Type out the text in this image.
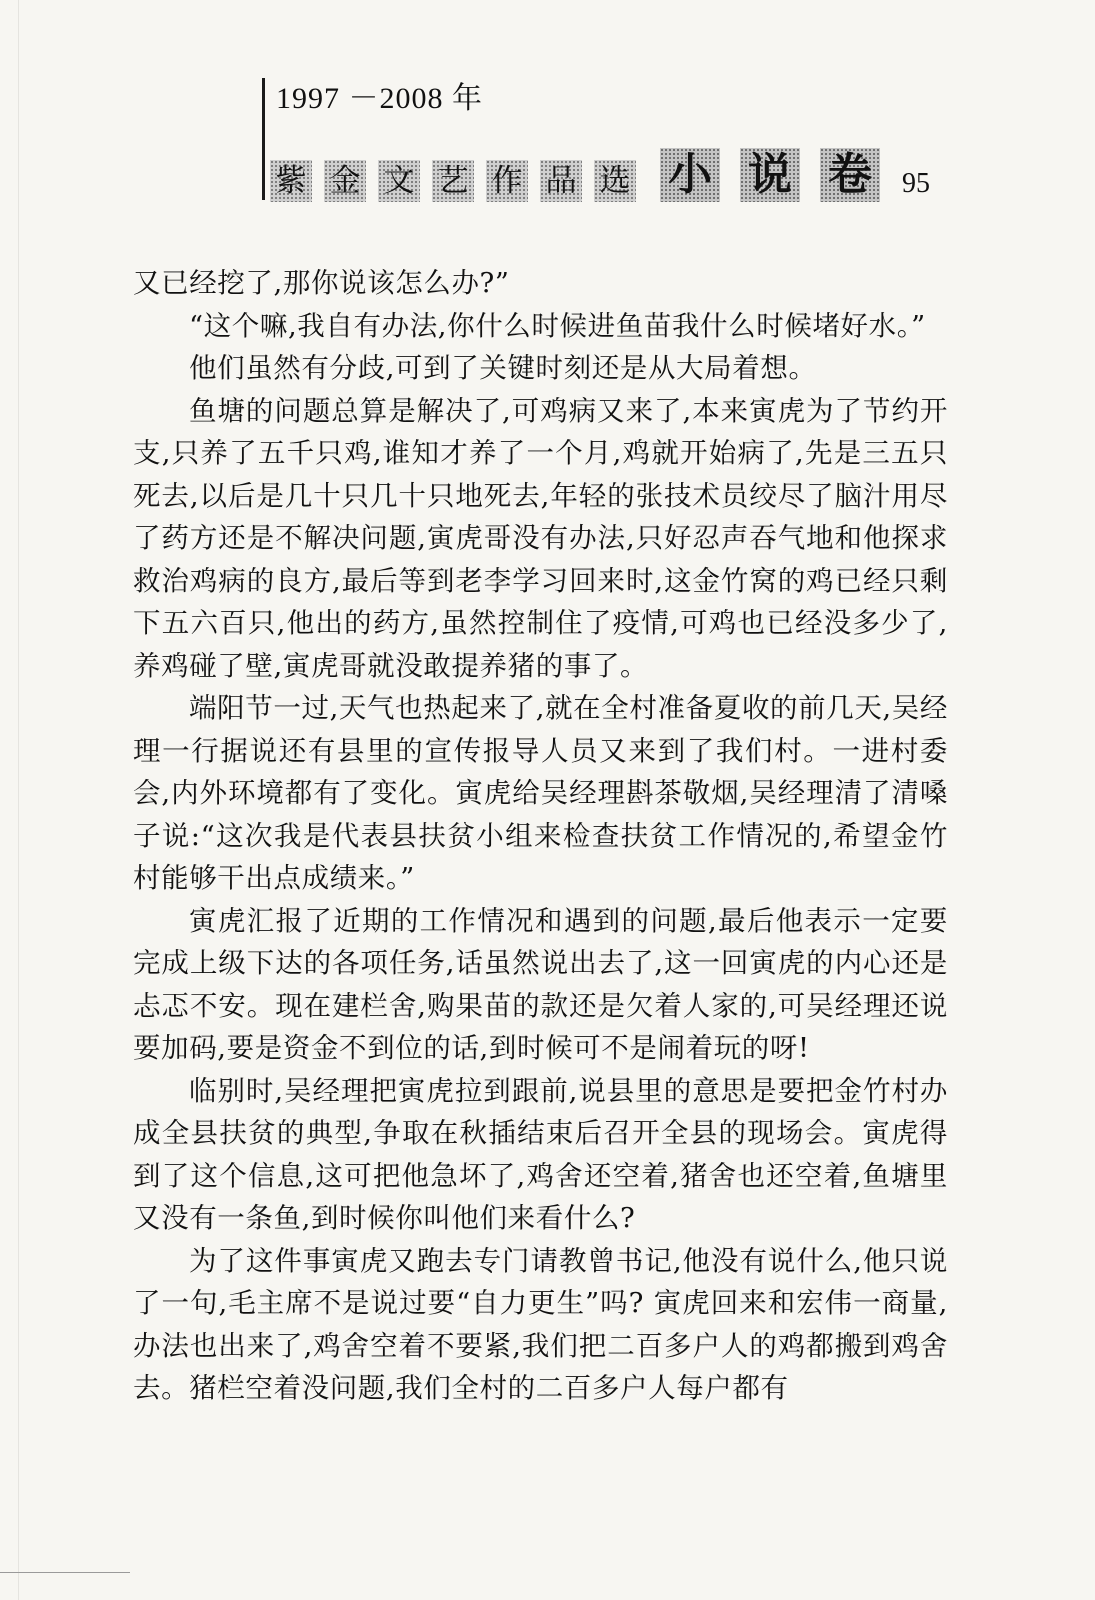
1997 －2008 年
紫 金 文 艺 作 品 选 小 说 卷 95

又已经挖了,那你说该怎么办?”

“这个嘛,我自有办法,你什么时候进鱼苗我什么时候堵好水。”

他们虽然有分歧,可到了关键时刻还是从大局着想。

鱼塘的问题总算是解决了,可鸡病又来了,本来寅虎为了节约开支,只养了五千只鸡,谁知才养了一个月,鸡就开始病了,先是三五只死去,以后是几十只几十只地死去,年轻的张技术员绞尽了脑汁用尽了药方还是不解决问题,寅虎哥没有办法,只好忍声吞气地和他探求救治鸡病的良方,最后等到老李学习回来时,这金竹窝的鸡已经只剩下五六百只,他出的药方,虽然控制住了疫情,可鸡也已经没多少了,养鸡碰了壁,寅虎哥就没敢提养猪的事了。

端阳节一过,天气也热起来了,就在全村准备夏收的前几天,吴经理一行据说还有县里的宣传报导人员又来到了我们村。一进村委会,内外环境都有了变化。寅虎给吴经理斟茶敬烟,吴经理清了清嗓子说:“这次我是代表县扶贫小组来检查扶贫工作情况的,希望金竹村能够干出点成绩来。”

寅虎汇报了近期的工作情况和遇到的问题,最后他表示一定要完成上级下达的各项任务,话虽然说出去了,这一回寅虎的内心还是忐忑不安。现在建栏舍,购果苗的款还是欠着人家的,可吴经理还说要加码,要是资金不到位的话,到时候可不是闹着玩的呀!

临别时,吴经理把寅虎拉到跟前,说县里的意思是要把金竹村办成全县扶贫的典型,争取在秋插结束后召开全县的现场会。寅虎得到了这个信息,这可把他急坏了,鸡舍还空着,猪舍也还空着,鱼塘里又没有一条鱼,到时候你叫他们来看什么?

为了这件事寅虎又跑去专门请教曾书记,他没有说什么,他只说了一句,毛主席不是说过要“自力更生”吗? 寅虎回来和宏伟一商量,办法也出来了,鸡舍空着不要紧,我们把二百多户人的鸡都搬到鸡舍去。猪栏空着没问题,我们全村的二百多户人每户都有
